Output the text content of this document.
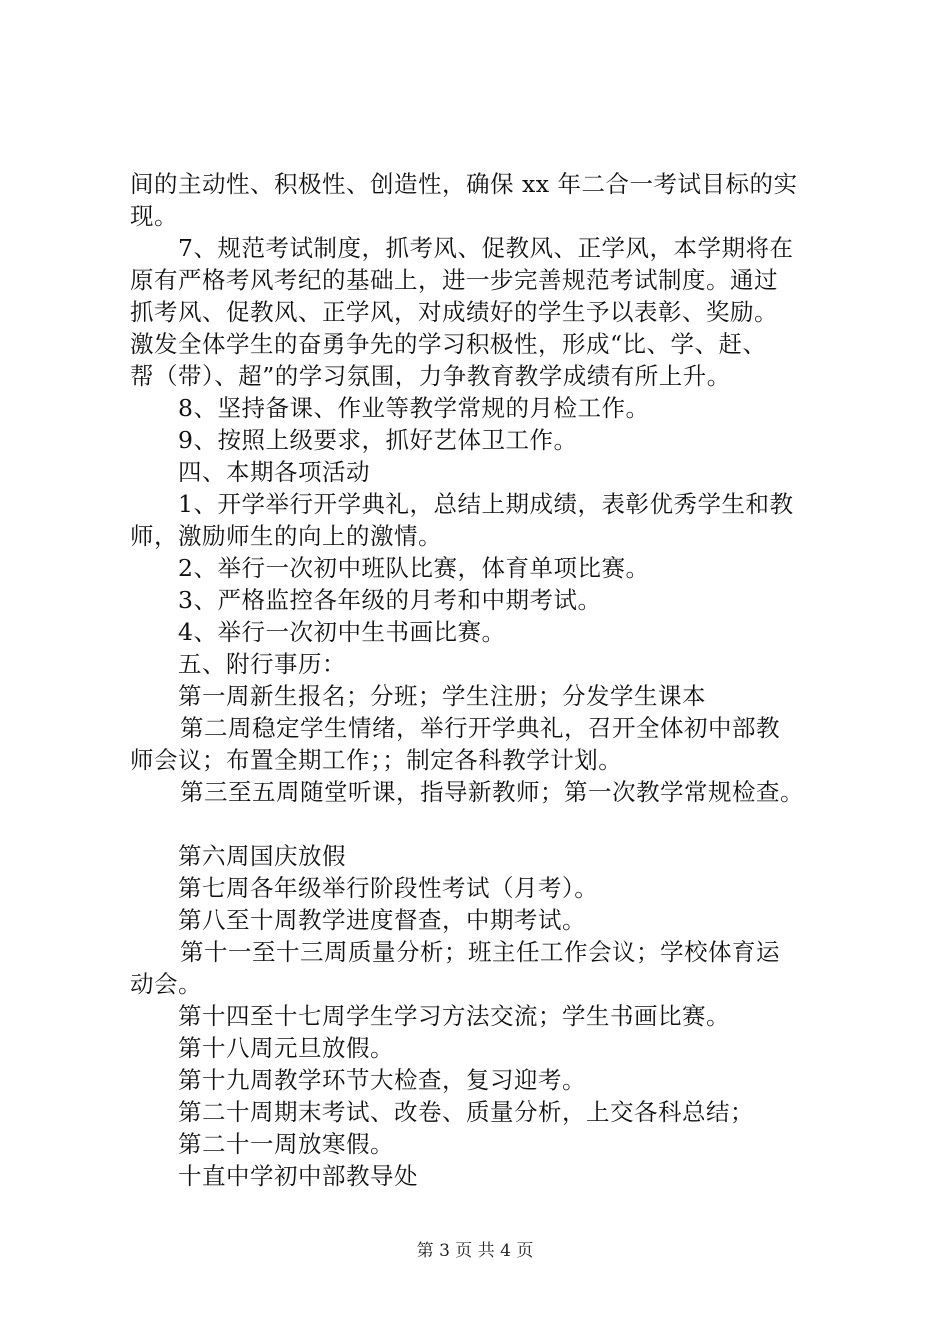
间的主动性、积极性、创造性，确保 xx 年二合一考试目标的实
现。
7、规范考试制度，抓考风、促教风、正学风，本学期将在
原有严格考风考纪的基础上，进一步完善规范考试制度。通过
抓考风、促教风、正学风，对成绩好的学生予以表彰、奖励。
激发全体学生的奋勇争先的学习积极性，形成“比、学、赶、
帮（带）、超”的学习氛围，力争教育教学成绩有所上升。
8、坚持备课、作业等教学常规的月检工作。
9、按照上级要求，抓好艺体卫工作。
四、本期各项活动
1、开学举行开学典礼，总结上期成绩，表彰优秀学生和教
师，激励师生的向上的激情。
2、举行一次初中班队比赛，体育单项比赛。
3、严格监控各年级的月考和中期考试。
4、举行一次初中生书画比赛。
五、附行事历：
第一周新生报名；分班；学生注册；分发学生课本
第二周稳定学生情绪，举行开学典礼，召开全体初中部教
师会议；布置全期工作；；制定各科教学计划。
第三至五周随堂听课，指导新教师；第一次教学常规检查。
第六周国庆放假
第七周各年级举行阶段性考试（月考）。
第八至十周教学进度督查，中期考试。
第十一至十三周质量分析；班主任工作会议；学校体育运
动会。
第十四至十七周学生学习方法交流；学生书画比赛。
第十八周元旦放假。
第十九周教学环节大检查，复习迎考。
第二十周期末考试、改卷、质量分析，上交各科总结；
第二十一周放寒假。
十直中学初中部教导处
第 3 页 共 4 页
